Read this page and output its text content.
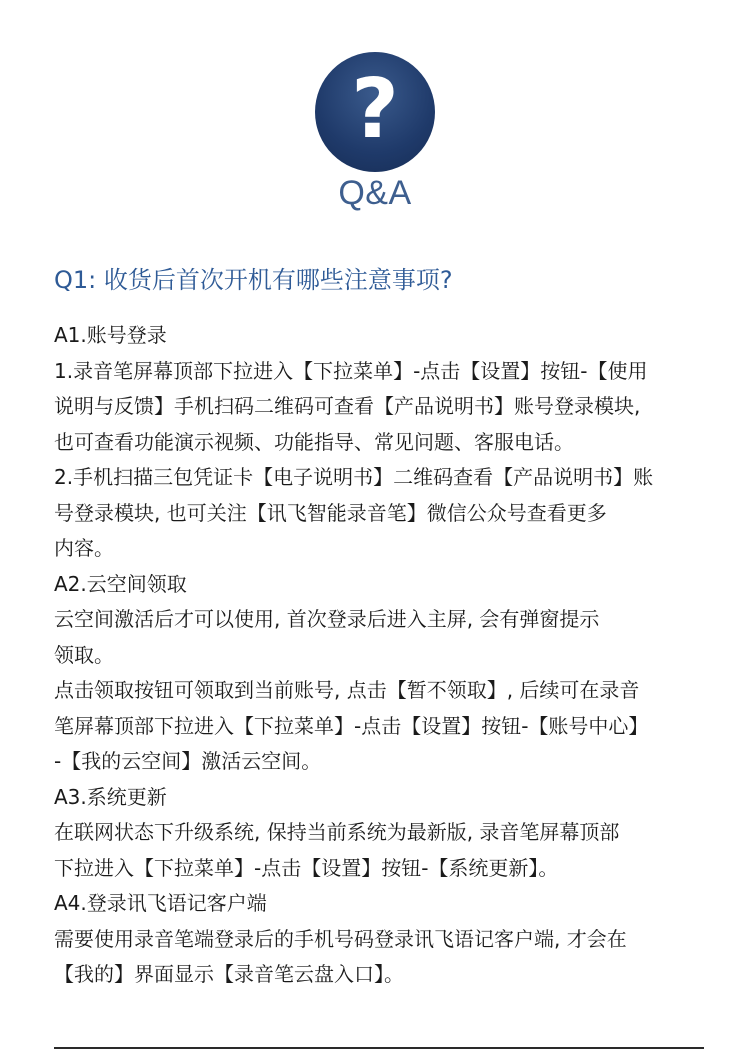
?
Q&A
Q1: 收货后首次开机有哪些注意事项?
A1.账号登录
1.录音笔屏幕顶部下拉进入【下拉菜单】-点击【设置】按钮-【使用
说明与反馈】手机扫码二维码可查看【产品说明书】账号登录模块,
也可查看功能演示视频、功能指导、常见问题、客服电话。
2.手机扫描三包凭证卡【电子说明书】二维码查看【产品说明书】账
号登录模块, 也可关注【讯飞智能录音笔】微信公众号查看更多
内容。
A2.云空间领取
云空间激活后才可以使用, 首次登录后进入主屏, 会有弹窗提示
领取。
点击领取按钮可领取到当前账号, 点击【暂不领取】, 后续可在录音
笔屏幕顶部下拉进入【下拉菜单】-点击【设置】按钮-【账号中心】
-【我的云空间】激活云空间。
A3.系统更新
在联网状态下升级系统, 保持当前系统为最新版, 录音笔屏幕顶部
下拉进入【下拉菜单】-点击【设置】按钮-【系统更新】。
A4.登录讯飞语记客户端
需要使用录音笔端登录后的手机号码登录讯飞语记客户端, 才会在
【我的】界面显示【录音笔云盘入口】。
